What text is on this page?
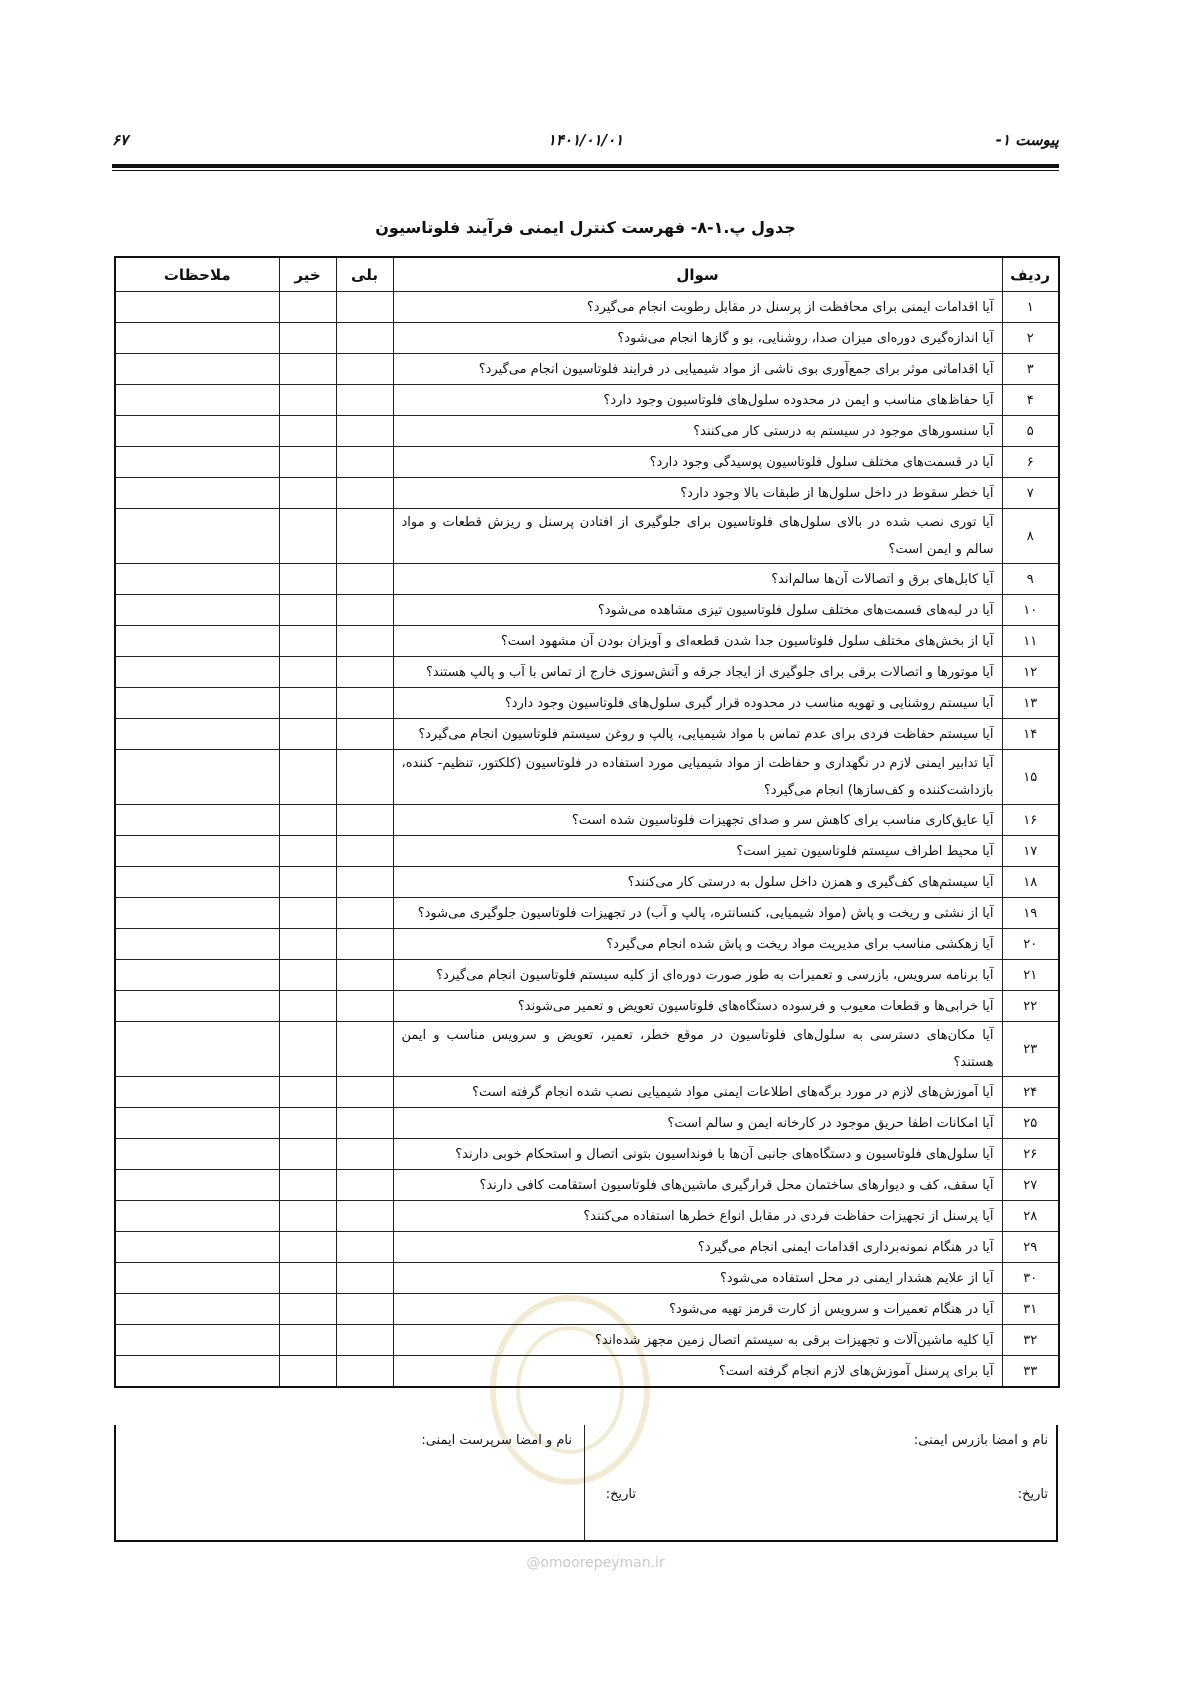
پیوست ۱-
۱۴۰۱/۰۱/۰۱
۶۷
جدول پ.۱-۸- فهرست کنترل ایمنی فرآیند فلوتاسیون
ردیف	سوال	بلی	خیر	ملاحظات
۱	آیا اقدامات ایمنی برای محافظت از پرسنل در مقابل رطوبت انجام می‌گیرد؟			
۲	آیا اندازه‌گیری دوره‌ای میزان صدا، روشنایی، بو و گازها انجام می‌شود؟			
۳	آیا اقداماتی موثر برای جمع‌آوری بوی ناشی از مواد شیمیایی در فرایند فلوتاسیون انجام می‌گیرد؟			
۴	آیا حفاظ‌های مناسب و ایمن در محدوده سلول‌های فلوتاسیون وجود دارد؟			
۵	آیا سنسورهای موجود در سیستم به درستی کار می‌کنند؟			
۶	آیا در قسمت‌های مختلف سلول فلوتاسیون پوسیدگی وجود دارد؟			
۷	آیا خطر سقوط در داخل سلول‌ها از طبقات بالا وجود دارد؟			
۸	آیا توری نصب شده در بالای سلول‌های فلوتاسیون برای جلوگیری از افتادن پرسنل و ریزش قطعات و مواد سالم و ایمن است؟			
۹	آیا کابل‌های برق و اتصالات آن‌ها سالم‌اند؟			
۱۰	آیا در لبه‌های قسمت‌های مختلف سلول فلوتاسیون تیزی مشاهده می‌شود؟			
۱۱	آیا از بخش‌های مختلف سلول فلوتاسیون جدا شدن قطعه‌ای و آویزان بودن آن مشهود است؟			
۱۲	آیا موتورها و اتصالات برقی برای جلوگیری از ایجاد جرقه و آتش‌سوزی خارج از تماس با آب و پالپ هستند؟			
۱۳	آیا سیستم روشنایی و تهویه مناسب در محدوده قرار گیری سلول‌های فلوتاسیون وجود دارد؟			
۱۴	آیا سیستم حفاظت فردی برای عدم تماس با مواد شیمیایی، پالپ و روغن سیستم فلوتاسیون انجام می‌گیرد؟			
۱۵	آیا تدابیر ایمنی لازم در نگهداری و حفاظت از مواد شیمیایی مورد استفاده در فلوتاسیون (کلکتور، تنظیم- کننده، بازداشت‌کننده و کف‌سازها) انجام می‌گیرد؟			
۱۶	آیا عایق‌کاری مناسب برای کاهش سر و صدای تجهیزات فلوتاسیون شده است؟			
۱۷	آیا محیط اطراف سیستم فلوتاسیون تمیز است؟			
۱۸	آیا سیستم‌های کف‌گیری و همزن داخل سلول به درستی کار می‌کنند؟			
۱۹	آیا از نشتی و ریخت و پاش (مواد شیمیایی، کنسانتره، پالپ و آب) در تجهیزات فلوتاسیون جلوگیری می‌شود؟			
۲۰	آیا زهکشی مناسب برای مدیریت مواد ریخت و پاش شده انجام می‌گیرد؟			
۲۱	آیا برنامه سرویس، بازرسی و تعمیرات به طور صورت دوره‌ای از کلیه سیستم فلوتاسیون انجام می‌گیرد؟			
۲۲	آیا خرابی‌ها و قطعات معیوب و فرسوده دستگاه‌های فلوتاسیون تعویض و تعمیر می‌شوند؟			
۲۳	آیا مکان‌های دسترسی به سلول‌های فلوتاسیون در موقع خطر، تعمیر، تعویض و سرویس مناسب و ایمن هستند؟			
۲۴	آیا آموزش‌های لازم در مورد برگه‌های اطلاعات ایمنی مواد شیمیایی نصب شده انجام گرفته است؟			
۲۵	آیا امکانات اطفا حریق موجود در کارخانه ایمن و سالم است؟			
۲۶	آیا سلول‌های فلوتاسیون و دستگاه‌های جانبی آن‌ها با فونداسیون بتونی اتصال و استحکام خوبی دارند؟			
۲۷	آیا سقف، کف و دیوارهای ساختمان محل قرارگیری ماشین‌های فلوتاسیون استقامت کافی دارند؟			
۲۸	آیا پرسنل از تجهیزات حفاظت فردی در مقابل انواع خطرها استفاده می‌کنند؟			
۲۹	آیا در هنگام نمونه‌برداری اقدامات ایمنی انجام می‌گیرد؟			
۳۰	آیا از علایم هشدار ایمنی در محل استفاده می‌شود؟			
۳۱	آیا در هنگام تعمیرات و سرویس از کارت قرمز تهیه می‌شود؟			
۳۲	آیا کلیه ماشین‌آلات و تجهیزات برقی به سیستم اتصال زمین مجهز شده‌اند؟			
۳۳	آیا برای پرسنل آموزش‌های لازم انجام گرفته است؟			
نام و امضا بازرس ایمنی:
نام و امضا سرپرست ایمنی:
تاریخ:
تاریخ:
@omoorepeyman.ir
